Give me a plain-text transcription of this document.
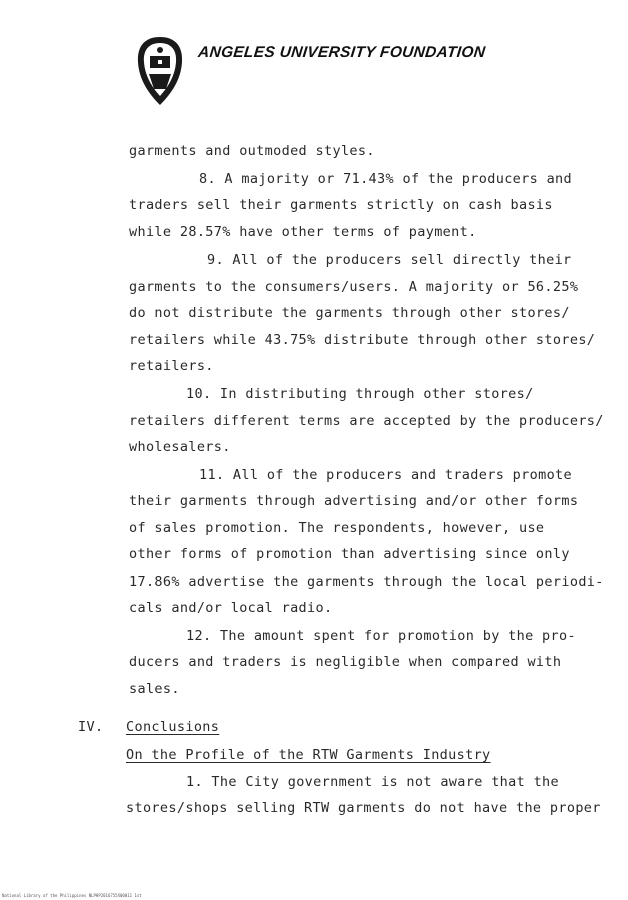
ANGELES UNIVERSITY FOUNDATION
garments and outmoded styles.
8. A majority or 71.43% of the producers and
traders sell their garments strictly on cash basis
while 28.57% have other terms of payment.
9. All of the producers sell directly their
garments to the consumers/users. A majority or 56.25%
do not distribute the garments through other stores/
retailers while 43.75% distribute through other stores/
retailers.
10. In distributing through other stores/
retailers different terms are accepted by the producers/
wholesalers.
11. All of the producers and traders promote
their garments through advertising and/or other forms
of sales promotion. The respondents, however, use
other forms of promotion than advertising since only
17.86% advertise the garments through the local periodi-
cals and/or local radio.
12. The amount spent for promotion by the pro-
ducers and traders is negligible when compared with
sales.
IV. Conclusions
On the Profile of the RTW Garments Industry
1. The City government is not aware that the
stores/shops selling RTW garments do not have the proper
National Library of the Philippines NLPHP2016755X00011 1st
